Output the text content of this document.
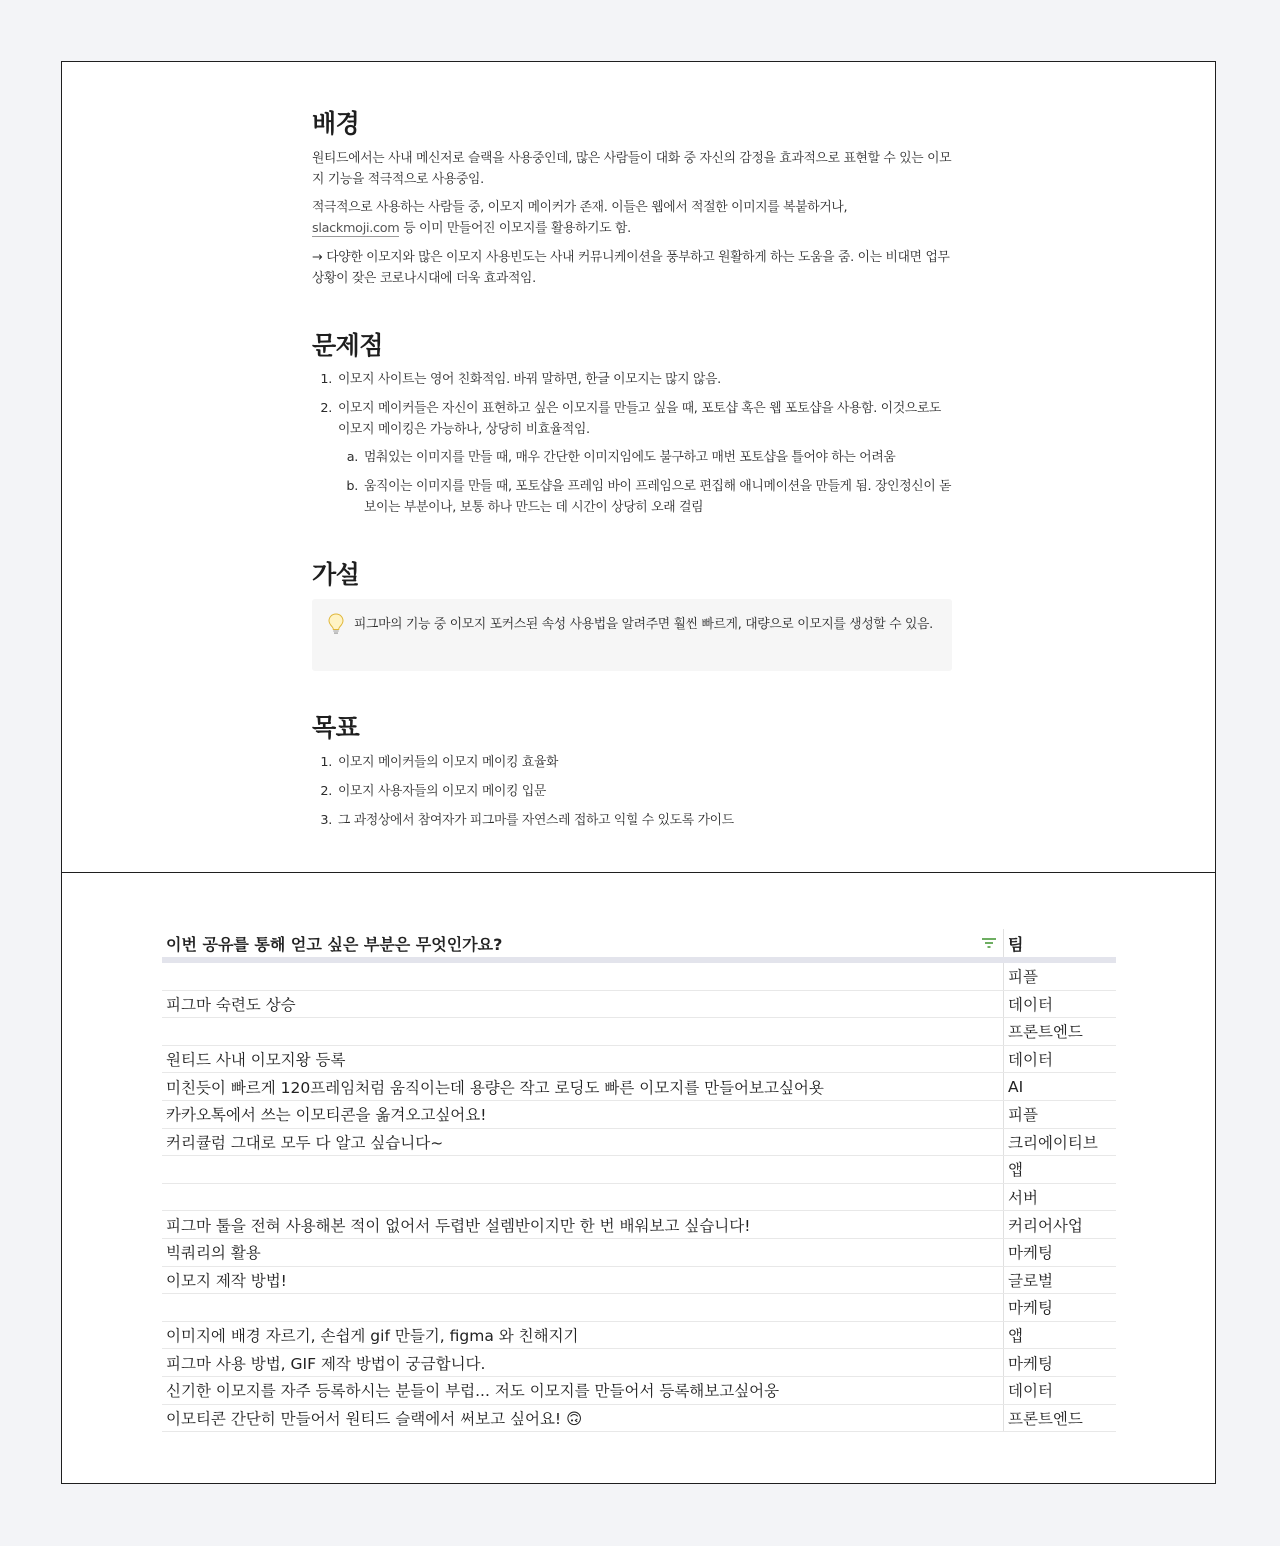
배경
원티드에서는 사내 메신저로 슬랙을 사용중인데, 많은 사람들이 대화 중 자신의 감정을 효과적으로 표현할 수 있는 이모지 기능을 적극적으로 사용중임.
적극적으로 사용하는 사람들 중, 이모지 메이커가 존재. 이들은 웹에서 적절한 이미지를 복붙하거나,
slackmoji.com 등 이미 만들어진 이모지를 활용하기도 함.
→ 다양한 이모지와 많은 이모지 사용빈도는 사내 커뮤니케이션을 풍부하고 원활하게 하는 도움을 줌. 이는 비대면 업무 상황이 잦은 코로나시대에 더욱 효과적임.
문제점
1. 이모지 사이트는 영어 친화적임. 바꿔 말하면, 한글 이모지는 많지 않음.
2. 이모지 메이커들은 자신이 표현하고 싶은 이모지를 만들고 싶을 때, 포토샵 혹은 웹 포토샵을 사용함. 이것으로도 이모지 메이킹은 가능하나, 상당히 비효율적임.
a. 멈춰있는 이미지를 만들 때, 매우 간단한 이미지임에도 불구하고 매번 포토샵을 틀어야 하는 어려움
b. 움직이는 이미지를 만들 때, 포토샵을 프레임 바이 프레임으로 편집해 애니메이션을 만들게 됨. 장인정신이 돋보이는 부분이나, 보통 하나 만드는 데 시간이 상당히 오래 걸림
가설
피그마의 기능 중 이모지 포커스된 속성 사용법을 알려주면 훨씬 빠르게, 대량으로 이모지를 생성할 수 있음.
목표
1. 이모지 메이커들의 이모지 메이킹 효율화
2. 이모지 사용자들의 이모지 메이킹 입문
3. 그 과정상에서 참여자가 피그마를 자연스레 접하고 익힐 수 있도록 가이드
이번 공유를 통해 얻고 싶은 부분은 무엇인가요?	팀
	피플
피그마 숙련도 상승	데이터
	프론트엔드
원티드 사내 이모지왕 등록	데이터
미친듯이 빠르게 120프레임처럼 움직이는데 용량은 작고 로딩도 빠른 이모지를 만들어보고싶어욧	AI
카카오톡에서 쓰는 이모티콘을 옮겨오고싶어요!	피플
커리큘럼 그대로 모두 다 알고 싶습니다~	크리에이티브
	앱
	서버
피그마 툴을 전혀 사용해본 적이 없어서 두렵반 설렘반이지만 한 번 배워보고 싶습니다!	커리어사업
빅쿼리의 활용	마케팅
이모지 제작 방법!	글로벌
	마케팅
이미지에 배경 자르기, 손쉽게 gif 만들기, figma 와 친해지기	앱
피그마 사용 방법, GIF 제작 방법이 궁금합니다.	마케팅
신기한 이모지를 자주 등록하시는 분들이 부럽... 저도 이모지를 만들어서 등록해보고싶어웅	데이터
이모티콘 간단히 만들어서 원티드 슬랙에서 써보고 싶어요! 🙃	프론트엔드
